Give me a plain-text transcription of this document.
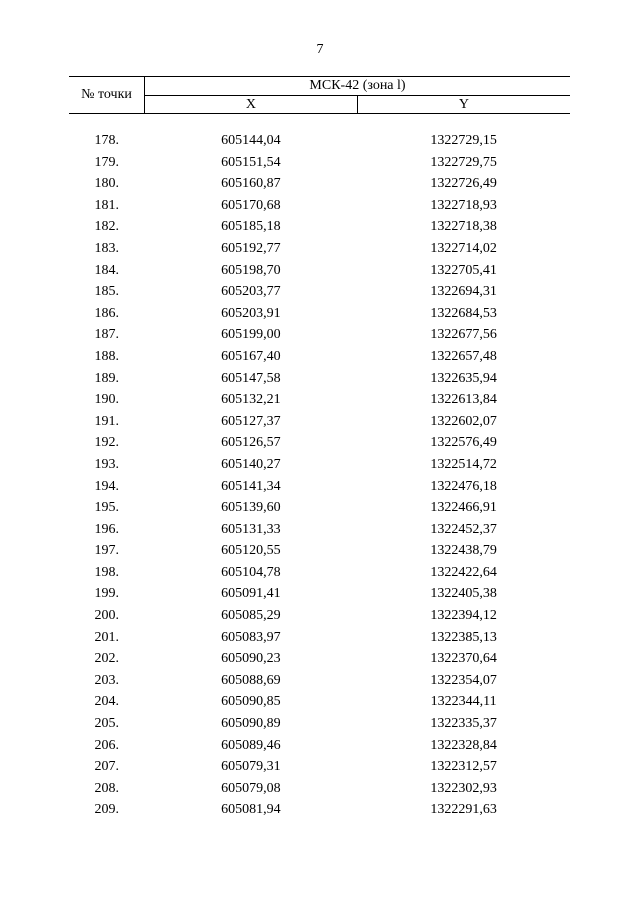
7
№ точки	МСК-42 (зона l)	
	X	Y

178.	605144,04	1322729,15
179.	605151,54	1322729,75
180.	605160,87	1322726,49
181.	605170,68	1322718,93
182.	605185,18	1322718,38
183.	605192,77	1322714,02
184.	605198,70	1322705,41
185.	605203,77	1322694,31
186.	605203,91	1322684,53
187.	605199,00	1322677,56
188.	605167,40	1322657,48
189.	605147,58	1322635,94
190.	605132,21	1322613,84
191.	605127,37	1322602,07
192.	605126,57	1322576,49
193.	605140,27	1322514,72
194.	605141,34	1322476,18
195.	605139,60	1322466,91
196.	605131,33	1322452,37
197.	605120,55	1322438,79
198.	605104,78	1322422,64
199.	605091,41	1322405,38
200.	605085,29	1322394,12
201.	605083,97	1322385,13
202.	605090,23	1322370,64
203.	605088,69	1322354,07
204.	605090,85	1322344,11
205.	605090,89	1322335,37
206.	605089,46	1322328,84
207.	605079,31	1322312,57
208.	605079,08	1322302,93
209.	605081,94	1322291,63
